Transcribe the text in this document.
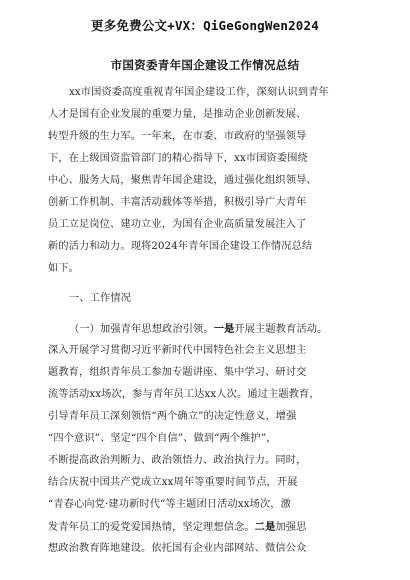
更多免费公文+VX：QiGeGongWen2024
市国资委青年国企建设工作情况总结
xx市国资委高度重视青年国企建设工作，深刻认识到青年
人才是国有企业发展的重要力量，是推动企业创新发展、
转型升级的生力军。一年来，在市委、市政府的坚强领导
下，在上级国资监管部门的精心指导下，xx市国资委围绕
中心、服务大局，聚焦青年国企建设，通过强化组织领导、
创新工作机制、丰富活动载体等举措，积极引导广大青年
员工立足岗位、建功立业，为国有企业高质量发展注入了
新的活力和动力。现将2024年青年国企建设工作情况总结
如下。
一、工作情况
（一）加强青年思想政治引领。一是开展主题教育活动。
深入开展学习贯彻习近平新时代中国特色社会主义思想主
题教育，组织青年员工参加专题讲座、集中学习、研讨交
流等活动xx场次，参与青年员工达xx人次。通过主题教育，
引导青年员工深刻领悟“两个确立”的决定性意义，增强
“四个意识”、坚定“四个自信”、做到“两个维护”，
不断提高政治判断力、政治领悟力、政治执行力。同时，
结合庆祝中国共产党成立xx周年等重要时间节点，开展
“青春心向党·建功新时代”等主题团日活动xx场次，激
发青年员工的爱党爱国热情，坚定理想信念。二是加强思
想政治教育阵地建设。依托国有企业内部网站、微信公众
